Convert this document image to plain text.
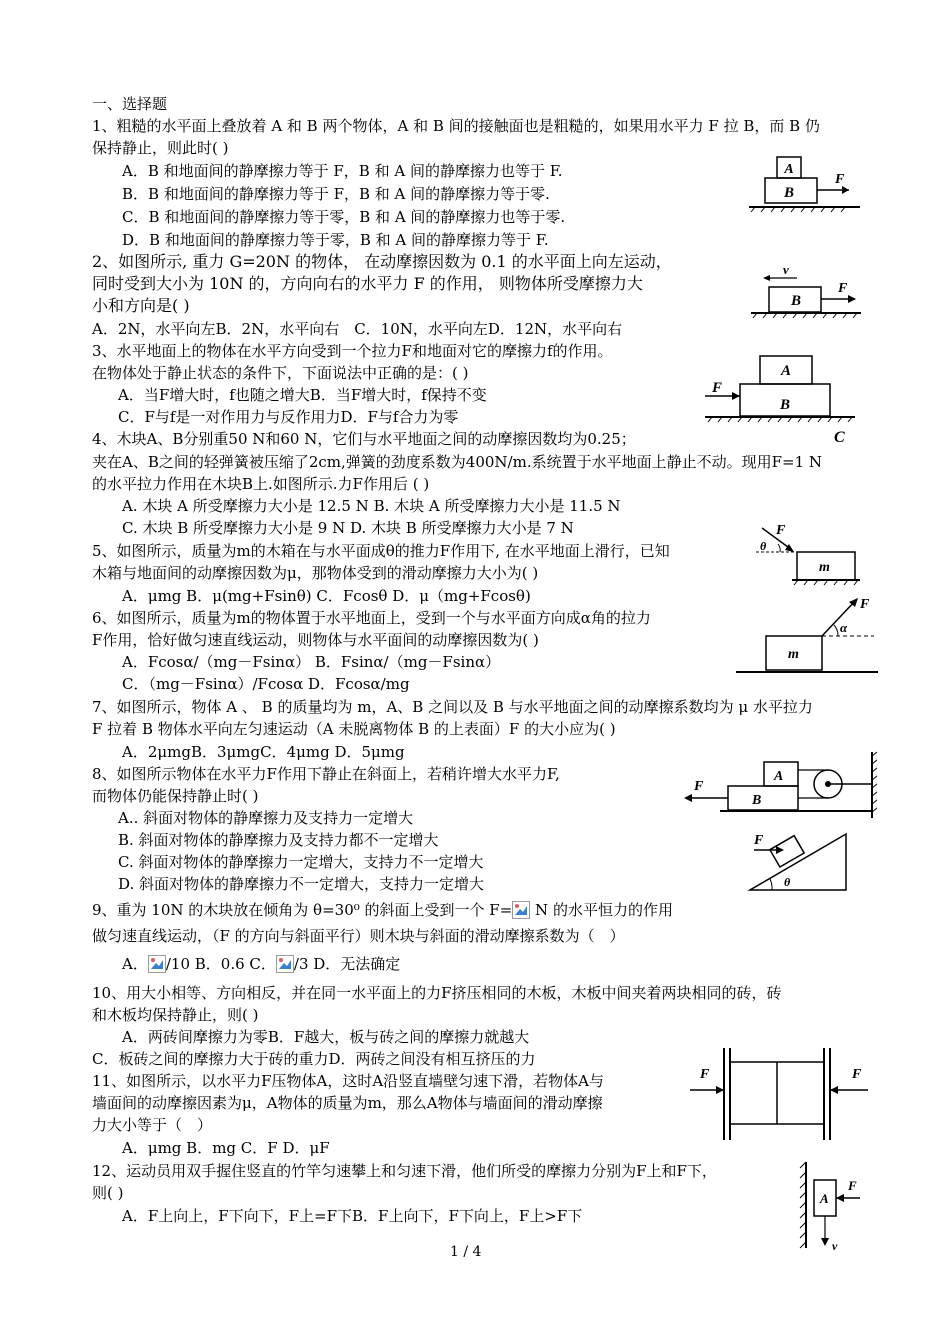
一、选择题

1、粗糙的水平面上叠放着 A 和 B 两个物体，A 和 B 间的接触面也是粗糙的，如果用水平力 F 拉 B，而 B 仍

保持静止，则此时( )

A．B 和地面间的静摩擦力等于 F，B 和 A 间的静摩擦力也等于 F.

B．B 和地面间的静摩擦力等于 F，B 和 A 间的静摩擦力等于零.

C．B 和地面间的静摩擦力等于零，B 和 A 间的静摩擦力也等于零.

D．B 和地面间的静摩擦力等于零，B 和 A 间的静摩擦力等于 F.

2、如图所示, 重力 G=20N 的物体， 在动摩擦因数为 0.1 的水平面上向左运动，

同时受到大小为 10N 的，方向向右的水平力 F 的作用， 则物体所受摩擦力大

小和方向是( )

A．2N，水平向左B．2N，水平向右　C．10N，水平向左D．12N，水平向右

3、水平地面上的物体在水平方向受到一个拉力F和地面对它的摩擦力f的作用。

在物体处于静止状态的条件下，下面说法中正确的是：( )

A．当F增大时，f也随之增大B．当F增大时，f保持不变

C．F与f是一对作用力与反作用力D．F与f合力为零

4、木块A、B分别重50 N和60 N，它们与水平地面之间的动摩擦因数均为0.25；

夹在A、B之间的轻弹簧被压缩了2cm,弹簧的劲度系数为400N/m.系统置于水平地面上静止不动。现用F=1 N

的水平拉力作用在木块B上.如图所示.力F作用后 ( )

A. 木块 A 所受摩擦力大小是 12.5 N B. 木块 A 所受摩擦力大小是 11.5 N

C. 木块 B 所受摩擦力大小是 9 N D. 木块 B 所受摩擦力大小是 7 N

5、如图所示，质量为m的木箱在与水平面成θ的推力F作用下, 在水平地面上滑行，已知

木箱与地面间的动摩擦因数为μ，那物体受到的滑动摩擦力大小为( )

A．μmg B．μ(mg+Fsinθ) C．Fcosθ D．μ（mg+Fcosθ)

6、如图所示，质量为m的物体置于水平地面上，受到一个与水平面方向成α角的拉力

F作用，恰好做匀速直线运动，则物体与水平面间的动摩擦因数为( )

A．Fcosα/（mg－Fsinα） B．Fsinα/（mg－Fsinα）

C．（mg－Fsinα）/Fcosα D．Fcosα/mg

7、如图所示，物体 A 、 B 的质量均为 m，A、B 之间以及 B 与水平地面之间的动摩擦系数均为 μ 水平拉力

F 拉着 B 物体水平向左匀速运动（A 未脱离物体 B 的上表面）F 的大小应为( )

A．2μmgB．3μmgC．4μmg D．5μmg

8、如图所示物体在水平力F作用下静止在斜面上，若稍许增大水平力F,

而物体仍能保持静止时( )

A.. 斜面对物体的静摩擦力及支持力一定增大

B. 斜面对物体的静摩擦力及支持力都不一定增大

C. 斜面对物体的静摩擦力一定增大，支持力不一定增大

D. 斜面对物体的静摩擦力不一定增大，支持力一定增大

9、重为 10N 的木块放在倾角为 θ=30⁰ 的斜面上受到一个 F= N 的水平恒力的作用

做匀速直线运动，（F 的方向与斜面平行）则木块与斜面的滑动摩擦系数为（　）

A． /10 B．0.6 C． /3 D．无法确定

10、用大小相等、方向相反，并在同一水平面上的力F挤压相同的木板，木板中间夹着两块相同的砖，砖

和木板均保持静止，则( )

A．两砖间摩擦力为零B．F越大，板与砖之间的摩擦力就越大

C．板砖之间的摩擦力大于砖的重力D．两砖之间没有相互挤压的力

11、如图所示，以水平力F压物体A，这时A沿竖直墙壁匀速下滑，若物体A与

墙面间的动摩擦因素为μ，A物体的质量为m，那么A物体与墙面间的滑动摩擦

力大小等于（　）

A．μmg B．mg C．F D．μF

12、运动员用双手握住竖直的竹竿匀速攀上和匀速下滑，他们所受的摩擦力分别为F上和F下，

则( )

A．F上向上，F下向下，F上=F下B．F上向下，F下向上，F上>F下

1 / 4
A
B
F
v
B
F
A
B
F
C
F
θ
m
m
F
α
A
B
F
F
θ
F	F
A
F
v
